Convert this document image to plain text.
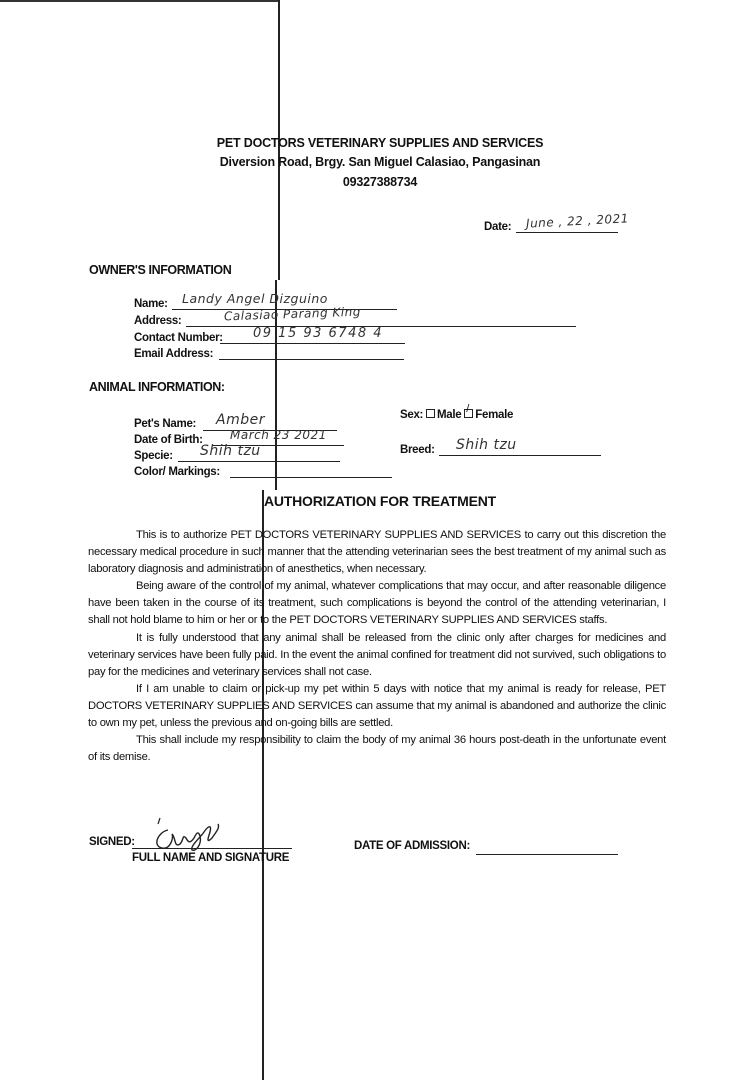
PET DOCTORS VETERINARY SUPPLIES AND SERVICES
Diversion Road, Brgy. San Miguel Calasiao, Pangasinan
09327388734
Date: June , 22 , 2021
OWNER'S INFORMATION
Name: Landy Angel Dizguino
Address:	Calasiao Parang King
Contact Number: 09 15 93 6748 4
Email Address:
ANIMAL INFORMATION:
Pet's Name: Amber
Date of Birth: March 23 2021
Specie: Shih tzu
Color/ Markings:
Sex: Male / Female
Breed: Shih tzu
AUTHORIZATION FOR TREATMENT

This is to authorize PET DOCTORS VETERINARY SUPPLIES AND SERVICES to carry out this discretion the necessary medical procedure in such manner that the attending veterinarian sees the best treatment of my animal such as laboratory diagnosis and administration of anesthetics, when necessary.

Being aware of the control of my animal, whatever complications that may occur, and after reasonable diligence have been taken in the course of its treatment, such complications is beyond the control of the attending veterinarian, I shall not hold blame to him or her or to the PET DOCTORS VETERINARY SUPPLIES AND SERVICES staffs.

It is fully understood that any animal shall be released from the clinic only after charges for medicines and veterinary services have been fully paid. In the event the animal confined for treatment did not survived, such obligations to pay for the medicines and veterinary services shall not case.

If I am unable to claim or pick-up my pet within 5 days with notice that my animal is ready for release, PET DOCTORS VETERINARY SUPPLIES AND SERVICES can assume that my animal is abandoned and authorize the clinic to own my pet, unless the previous and on-going bills are settled.

This shall include my responsibility to claim the body of my animal 36 hours post-death in the unfortunate event of its demise.

SIGNED:
FULL NAME AND SIGNATURE
DATE OF ADMISSION:
